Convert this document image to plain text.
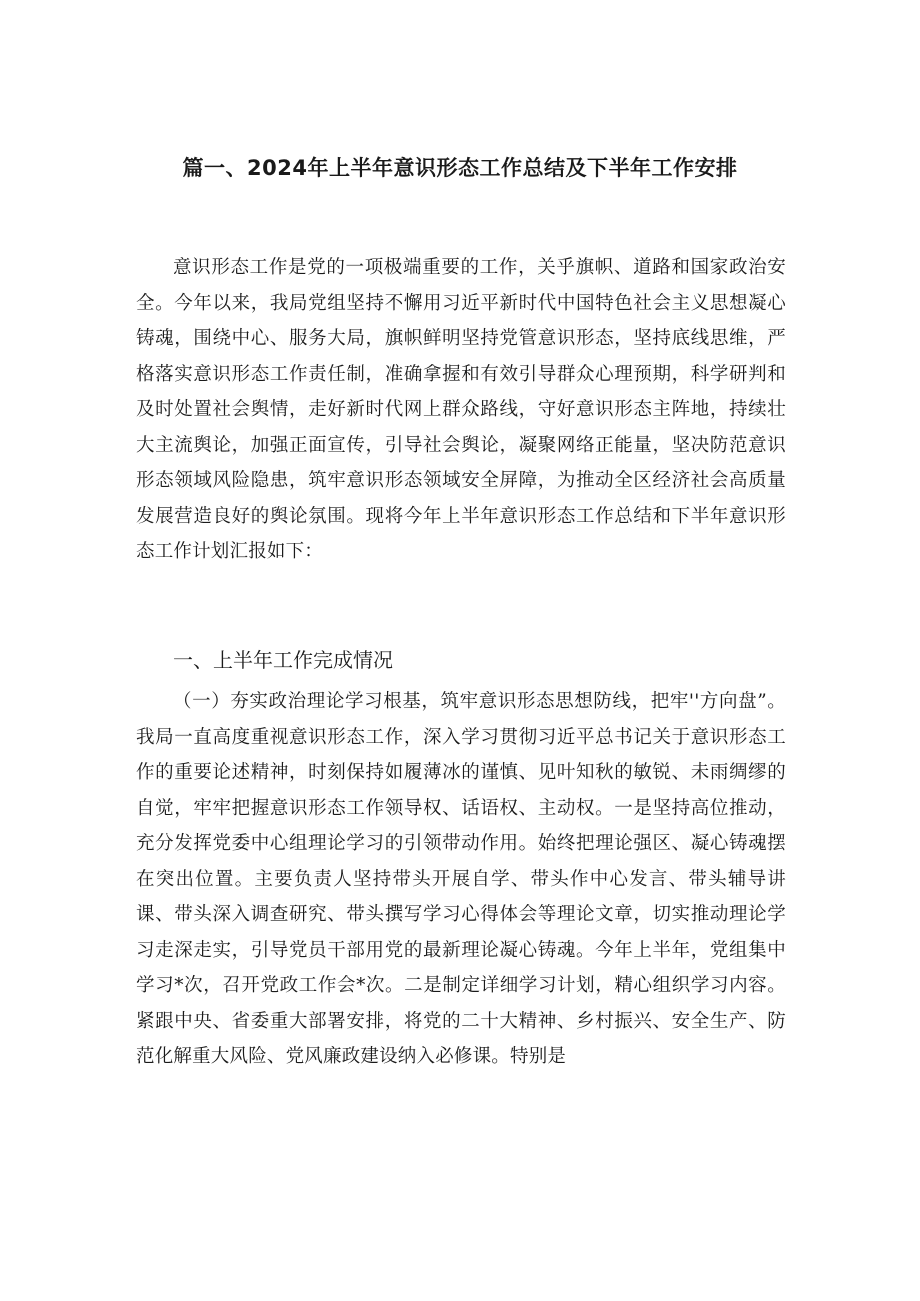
篇一、2024年上半年意识形态工作总结及下半年工作安排

意识形态工作是党的一项极端重要的工作，关乎旗帜、道路和国家政治安全。今年以来，我局党组坚持不懈用习近平新时代中国特色社会主义思想凝心铸魂，围绕中心、服务大局，旗帜鲜明坚持党管意识形态，坚持底线思维，严格落实意识形态工作责任制，准确拿握和有效引导群众心理预期，科学研判和及时处置社会舆情，走好新时代网上群众路线，守好意识形态主阵地，持续壮大主流舆论，加强正面宣传，引导社会舆论，凝聚网络正能量，坚决防范意识形态领域风险隐患，筑牢意识形态领域安全屏障，为推动全区经济社会高质量发展营造良好的舆论氛围。现将今年上半年意识形态工作总结和下半年意识形态工作计划汇报如下：

一、上半年工作完成情况

（一）夯实政治理论学习根基，筑牢意识形态思想防线，把牢''方向盘”。我局一直高度重视意识形态工作，深入学习贯彻习近平总书记关于意识形态工作的重要论述精神，时刻保持如履薄冰的谨慎、见叶知秋的敏锐、未雨绸缪的自觉，牢牢把握意识形态工作领导权、话语权、主动权。一是坚持高位推动，充分发挥党委中心组理论学习的引领带动作用。始终把理论强区、凝心铸魂摆在突出位置。主要负责人坚持带头开展自学、带头作中心发言、带头辅导讲课、带头深入调查研究、带头撰写学习心得体会等理论文章，切实推动理论学习走深走实，引导党员干部用党的最新理论凝心铸魂。今年上半年，党组集中学习*次，召开党政工作会*次。二是制定详细学习计划，精心组织学习内容。紧跟中央、省委重大部署安排，将党的二十大精神、乡村振兴、安全生产、防范化解重大风险、党风廉政建设纳入必修课。特别是
